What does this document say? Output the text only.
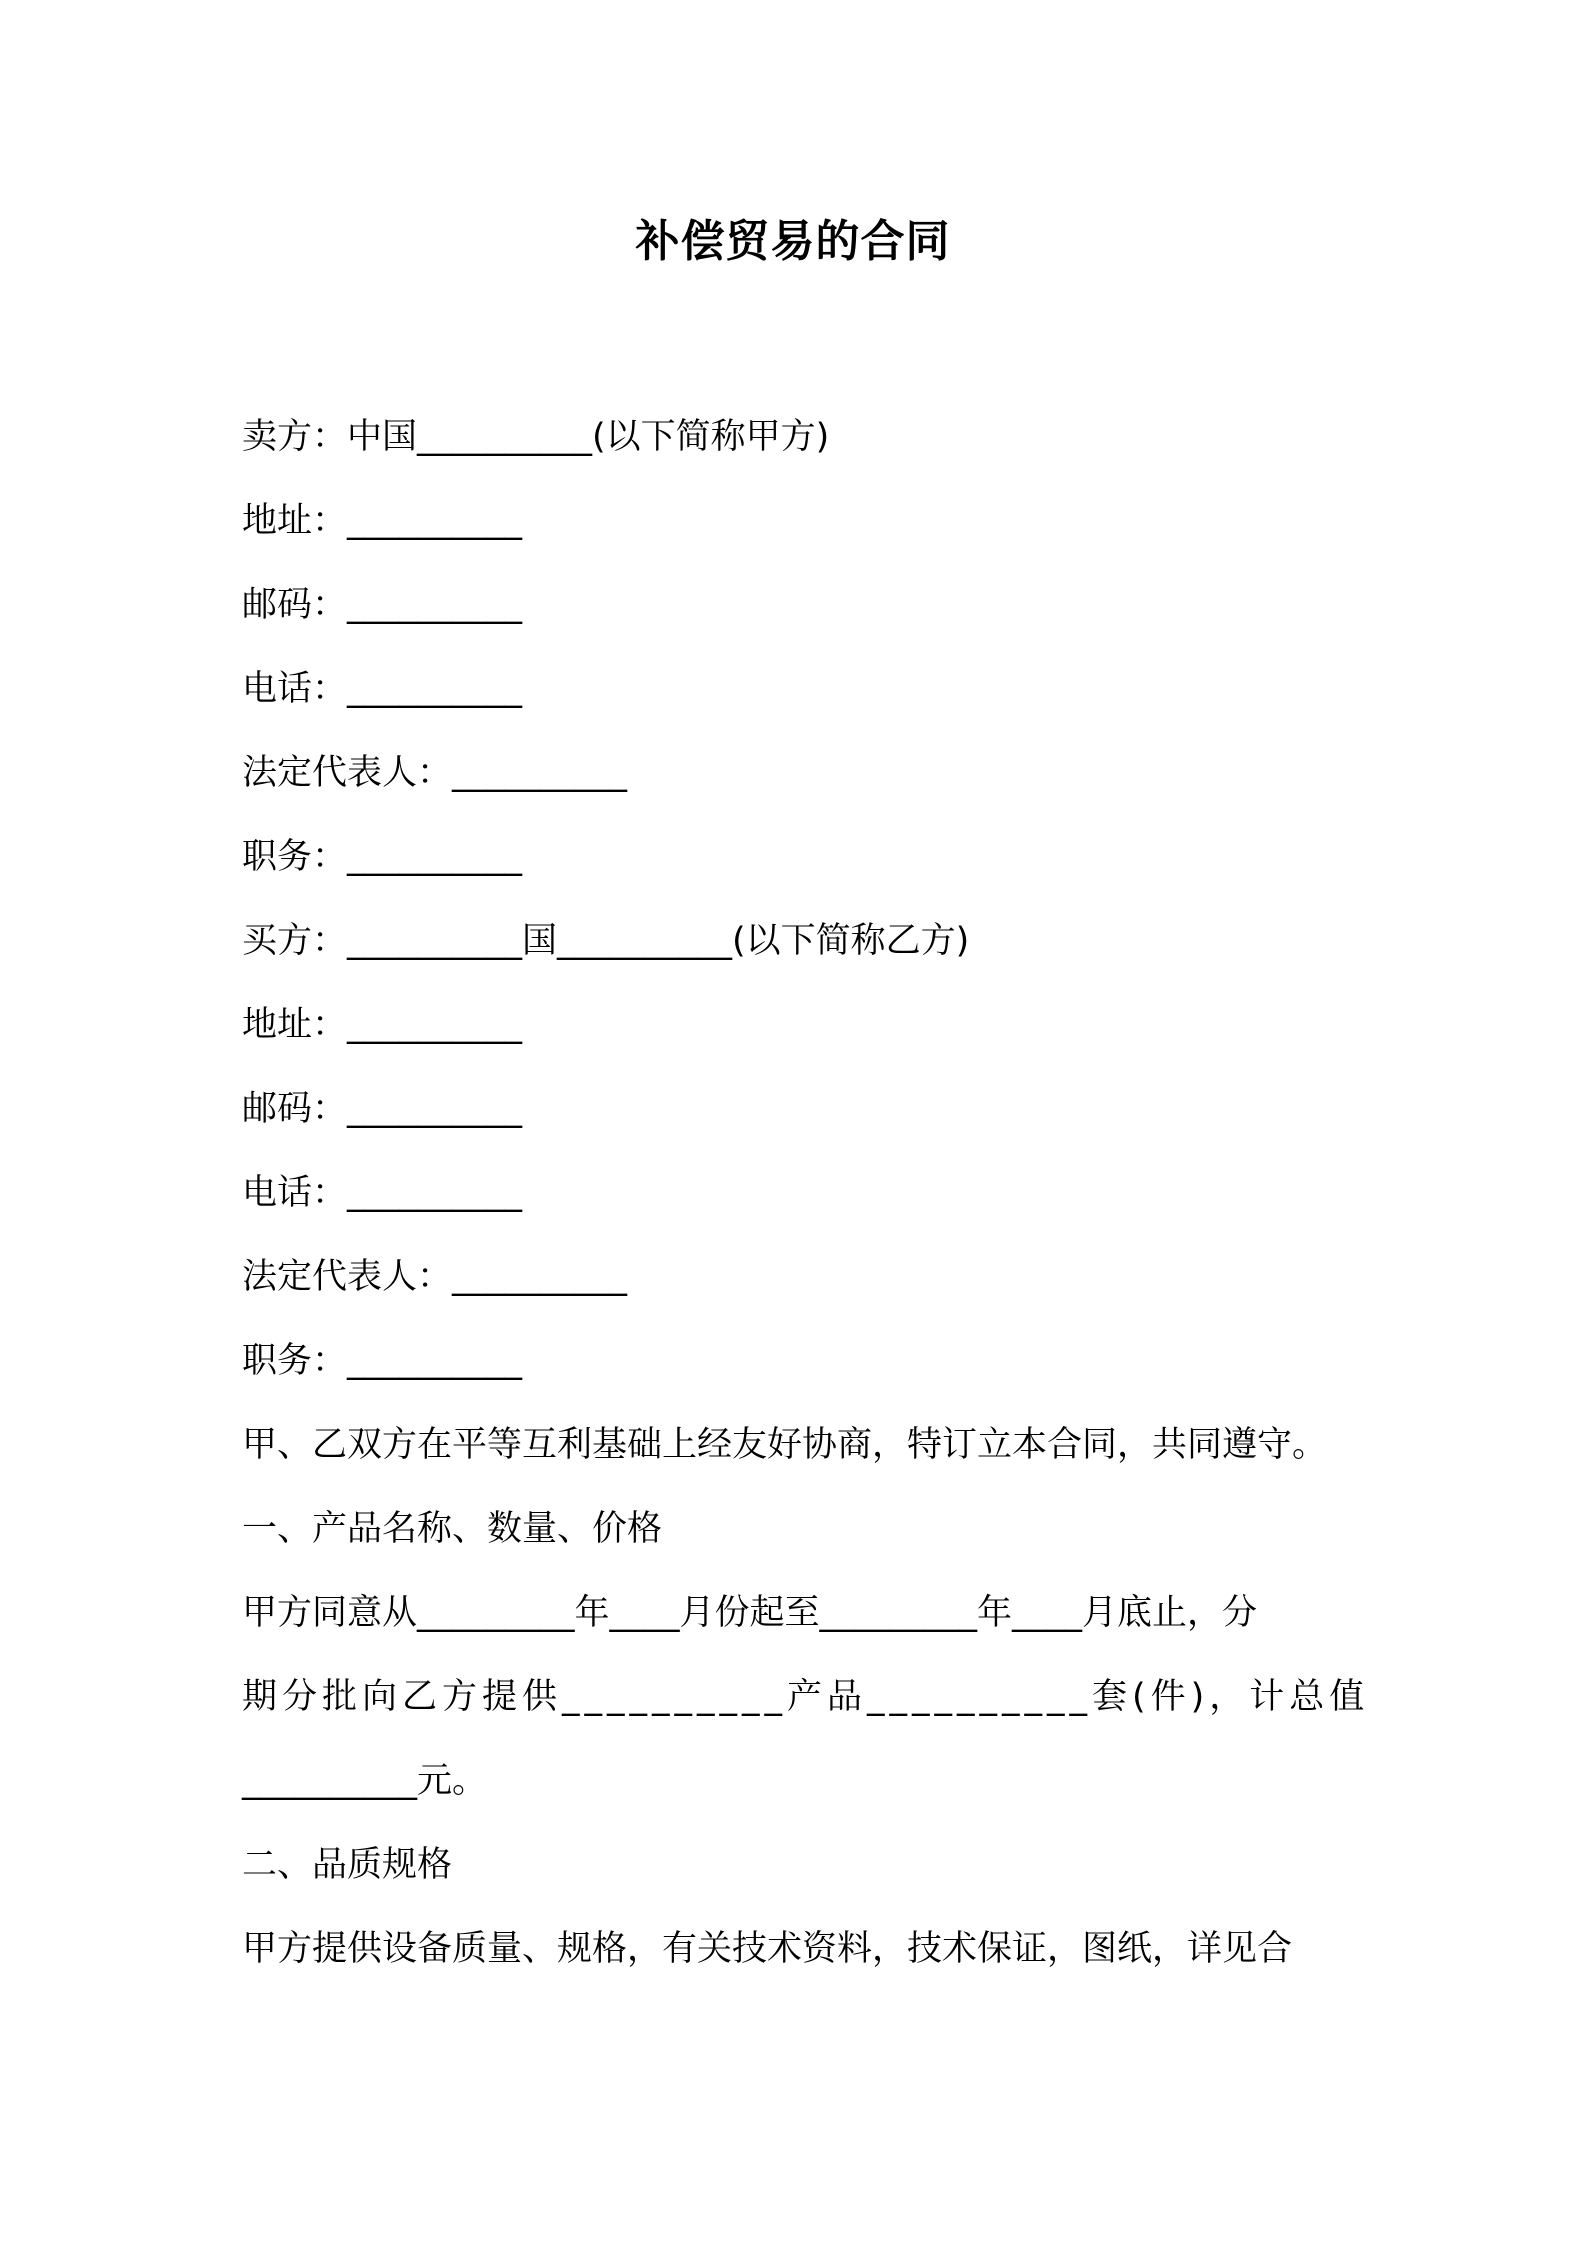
补偿贸易的合同
卖方：中国__________(以下简称甲方)
地址：__________
邮码：__________
电话：__________
法定代表人：__________
职务：__________
买方：__________国__________(以下简称乙方)
地址：__________
邮码：__________
电话：__________
法定代表人：__________
职务：__________
甲、乙双方在平等互利基础上经友好协商，特订立本合同，共同遵守。
一、产品名称、数量、价格
甲方同意从_________年____月份起至_________年____月底止，分
期分批向乙方提供__________产品__________套(件)，计总值
__________元。
二、品质规格
甲方提供设备质量、规格，有关技术资料，技术保证，图纸，详见合
